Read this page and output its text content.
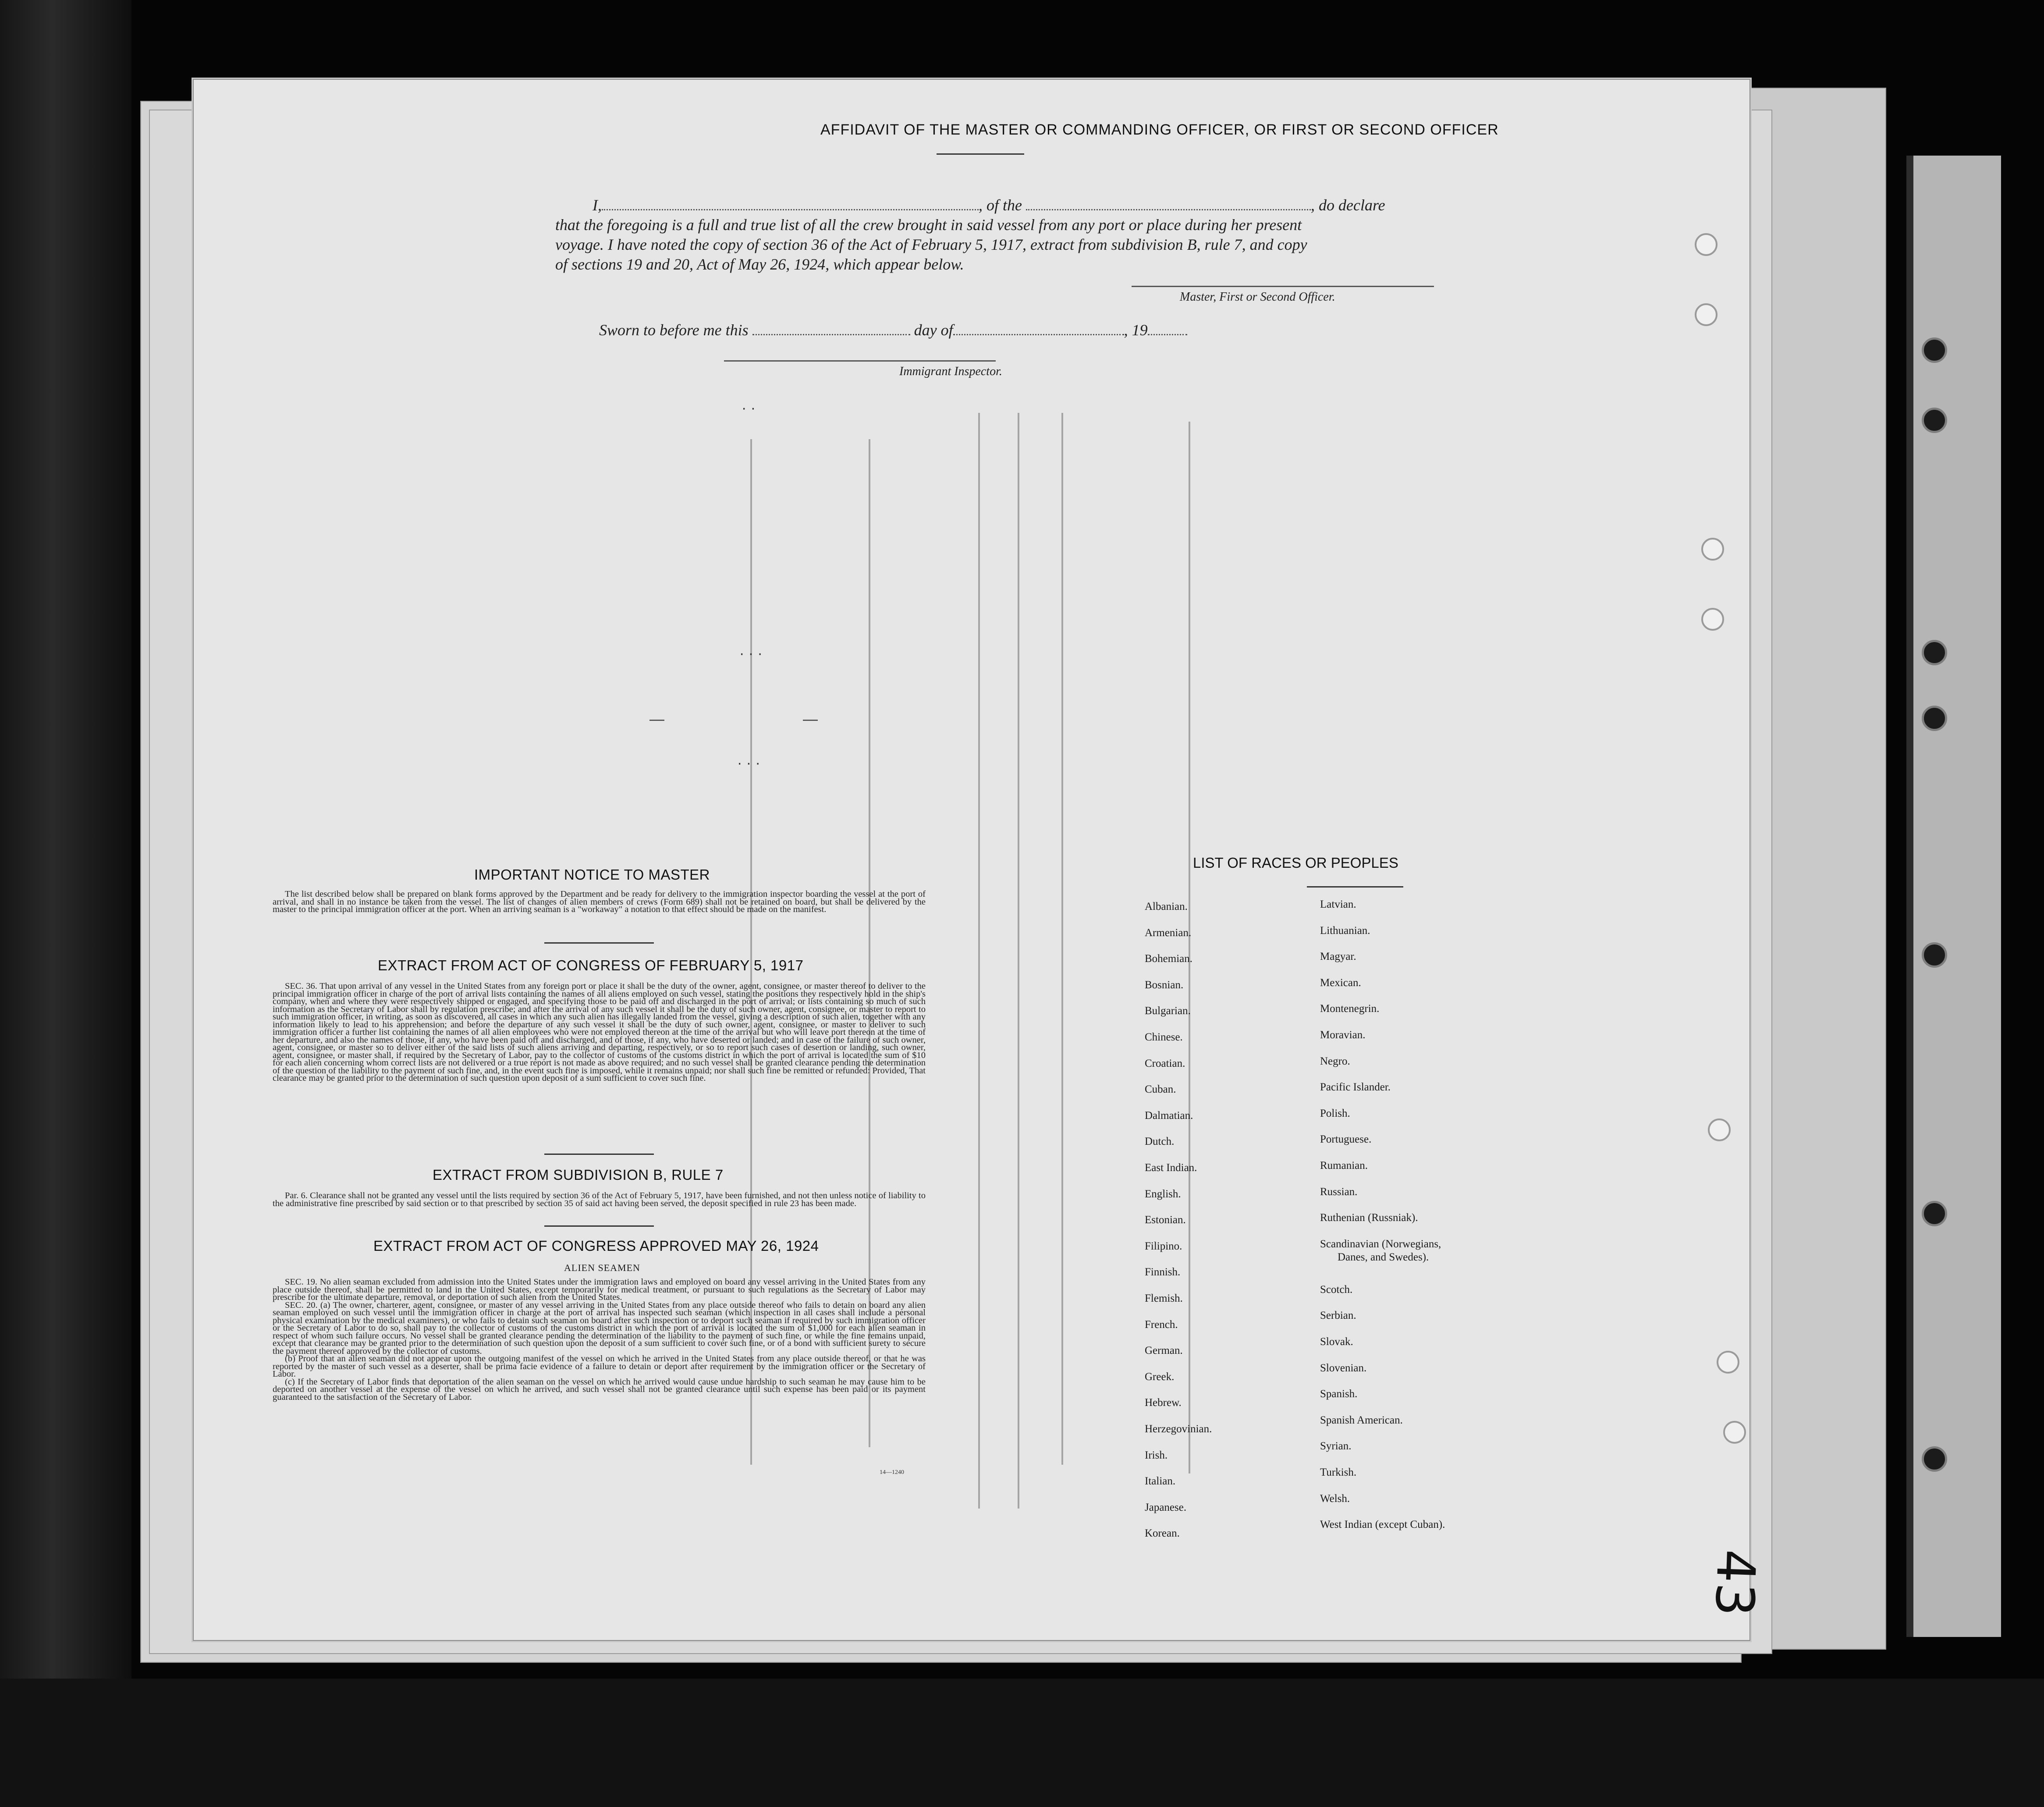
· ·
· · ·
· · ·
—	—
AFFIDAVIT OF THE MASTER OR COMMANDING OFFICER, OR FIRST OR SECOND OFFICER
I,	, of the	, do declare
that the foregoing is a full and true list of all the crew brought in said vessel from any port or place during her present
voyage. I have noted the copy of section 36 of the Act of February 5, 1917, extract from subdivision B, rule 7, and copy
of sections 19 and 20, Act of May 26, 1924, which appear below.
Master, First or Second Officer.
Sworn to before me this	day of	, 19
Immigrant Inspector.
IMPORTANT NOTICE TO MASTER

The list described below shall be prepared on blank forms approved by the Department and be ready for delivery to the immigration inspector boarding the vessel at the port of arrival, and shall in no instance be taken from the vessel. The list of changes of alien members of crews (Form 689) shall not be retained on board, but shall be delivered by the master to the principal immigration officer at the port. When an arriving seaman is a "workaway" a notation to that effect should be made on the manifest.

EXTRACT FROM ACT OF CONGRESS OF FEBRUARY 5, 1917

SEC. 36. That upon arrival of any vessel in the United States from any foreign port or place it shall be the duty of the owner, agent, consignee, or master thereof to deliver to the principal immigration officer in charge of the port of arrival lists containing the names of all aliens employed on such vessel, stating the positions they respectively hold in the ship's company, when and where they were respectively shipped or engaged, and specifying those to be paid off and discharged in the port of arrival; or lists containing so much of such information as the Secretary of Labor shall by regulation prescribe; and after the arrival of any such vessel it shall be the duty of such owner, agent, consignee, or master to report to such immigration officer, in writing, as soon as discovered, all cases in which any such alien has illegally landed from the vessel, giving a description of such alien, together with any information likely to lead to his apprehension; and before the departure of any such vessel it shall be the duty of such owner, agent, consignee, or master to deliver to such immigration officer a further list containing the names of all alien employees who were not employed thereon at the time of the arrival but who will leave port thereon at the time of her departure, and also the names of those, if any, who have been paid off and discharged, and of those, if any, who have deserted or landed; and in case of the failure of such owner, agent, consignee, or master so to deliver either of the said lists of such aliens arriving and departing, respectively, or so to report such cases of desertion or landing, such owner, agent, consignee, or master shall, if required by the Secretary of Labor, pay to the collector of customs of the customs district in which the port of arrival is located the sum of $10 for each alien concerning whom correct lists are not delivered or a true report is not made as above required; and no such vessel shall be granted clearance pending the determination of the question of the liability to the payment of such fine, and, in the event such fine is imposed, while it remains unpaid; nor shall such fine be remitted or refunded: Provided, That clearance may be granted prior to the determination of such question upon deposit of a sum sufficient to cover such fine.

EXTRACT FROM SUBDIVISION B, RULE 7

Par. 6. Clearance shall not be granted any vessel until the lists required by section 36 of the Act of February 5, 1917, have been furnished, and not then unless notice of liability to the administrative fine prescribed by said section or to that prescribed by section 35 of said act having been served, the deposit specified in rule 23 has been made.

EXTRACT FROM ACT OF CONGRESS APPROVED MAY 26, 1924
ALIEN SEAMEN

SEC. 19. No alien seaman excluded from admission into the United States under the immigration laws and employed on board any vessel arriving in the United States from any place outside thereof, shall be permitted to land in the United States, except temporarily for medical treatment, or pursuant to such regulations as the Secretary of Labor may prescribe for the ultimate departure, removal, or deportation of such alien from the United States.

SEC. 20. (a) The owner, charterer, agent, consignee, or master of any vessel arriving in the United States from any place outside thereof who fails to detain on board any alien seaman employed on such vessel until the immigration officer in charge at the port of arrival has inspected such seaman (which inspection in all cases shall include a personal physical examination by the medical examiners), or who fails to detain such seaman on board after such inspection or to deport such seaman if required by such immigration officer or the Secretary of Labor to do so, shall pay to the collector of customs of the customs district in which the port of arrival is located the sum of $1,000 for each alien seaman in respect of whom such failure occurs. No vessel shall be granted clearance pending the determination of the liability to the payment of such fine, or while the fine remains unpaid, except that clearance may be granted prior to the determination of such question upon the deposit of a sum sufficient to cover such fine, or of a bond with sufficient surety to secure the payment thereof approved by the collector of customs.

(b) Proof that an alien seaman did not appear upon the outgoing manifest of the vessel on which he arrived in the United States from any place outside thereof, or that he was reported by the master of such vessel as a deserter, shall be prima facie evidence of a failure to detain or deport after requirement by the immigration officer or the Secretary of Labor.

(c) If the Secretary of Labor finds that deportation of the alien seaman on the vessel on which he arrived would cause undue hardship to such seaman he may cause him to be deported on another vessel at the expense of the vessel on which he arrived, and such vessel shall not be granted clearance until such expense has been paid or its payment guaranteed to the satisfaction of the Secretary of Labor.

14—1240
LIST OF RACES OR PEOPLES
Albanian.
Armenian.
Bohemian.
Bosnian.
Bulgarian.
Chinese.
Croatian.
Cuban.
Dalmatian.
Dutch.
East Indian.
English.
Estonian.
Filipino.
Finnish.
Flemish.
French.
German.
Greek.
Hebrew.
Herzegovinian.
Irish.
Italian.
Japanese.
Korean.
Latvian.
Lithuanian.
Magyar.
Mexican.
Montenegrin.
Moravian.
Negro.
Pacific Islander.
Polish.
Portuguese.
Rumanian.
Russian.
Ruthenian (Russniak).
Scandinavian (Norwegians,
Danes, and Swedes).
Scotch.
Serbian.
Slovak.
Slovenian.
Spanish.
Spanish American.
Syrian.
Turkish.
Welsh.
West Indian (except Cuban).
43
